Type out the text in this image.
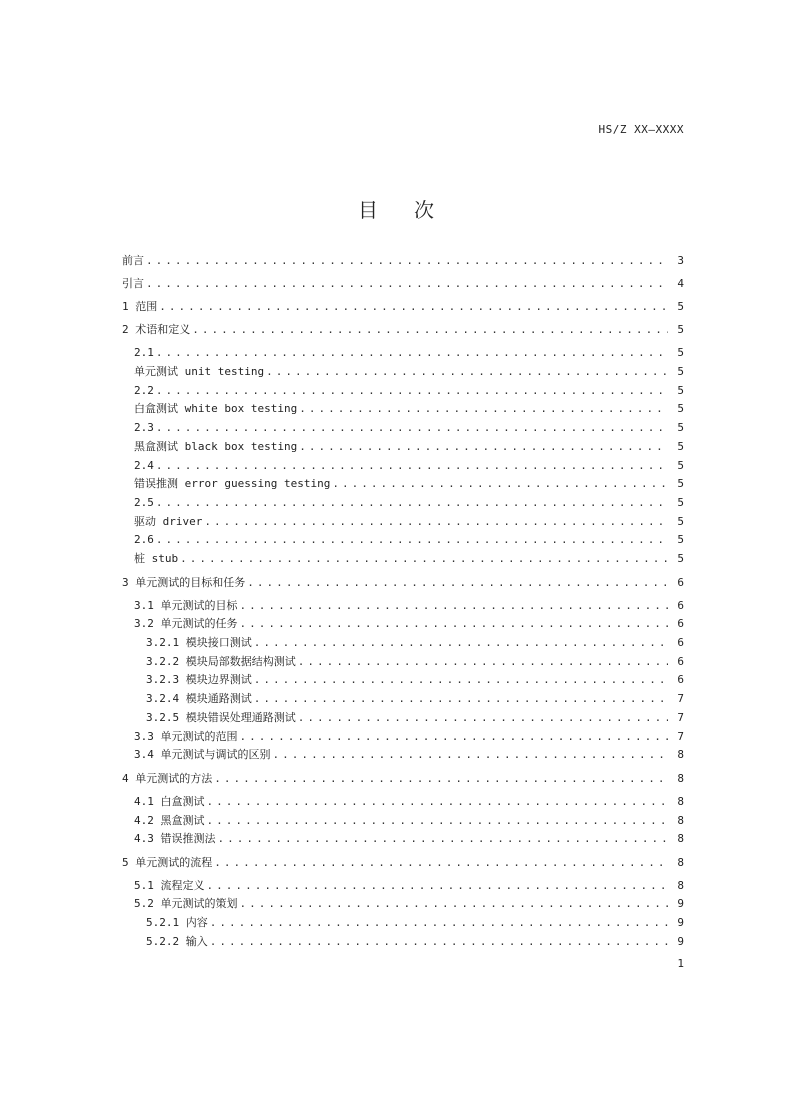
HS/Z XX—XXXX
目 次
前言 . . .	3
引言 . . .	4
1 范围 . . .	5
2 术语和定义 . . .	5
2.1 . . .	5
单元测试 unit testing . . .	5
2.2 . . .	5
白盒测试 white box testing . . .	5
2.3 . . .	5
黑盒测试 black box testing . . .	5
2.4 . . .	5
错误推测 error guessing testing . . .	5
2.5 . . .	5
驱动 driver . . .	5
2.6 . . .	5
桩 stub . . .	5
3 单元测试的目标和任务 . . .	6
3.1 单元测试的目标 . . .	6
3.2 单元测试的任务 . . .	6
3.2.1 模块接口测试 . . .	6
3.2.2 模块局部数据结构测试 . . .	6
3.2.3 模块边界测试 . . .	6
3.2.4 模块通路测试 . . .	7
3.2.5 模块错误处理通路测试 . . .	7
3.3 单元测试的范围 . . .	7
3.4 单元测试与调试的区别 . . .	8
4 单元测试的方法 . . .	8
4.1 白盒测试 . . .	8
4.2 黑盒测试 . . .	8
4.3 错误推测法 . . .	8
5 单元测试的流程 . . .	8
5.1 流程定义 . . .	8
5.2 单元测试的策划 . . .	9
5.2.1 内容 . . .	9
5.2.2 输入 . . .	9
1
